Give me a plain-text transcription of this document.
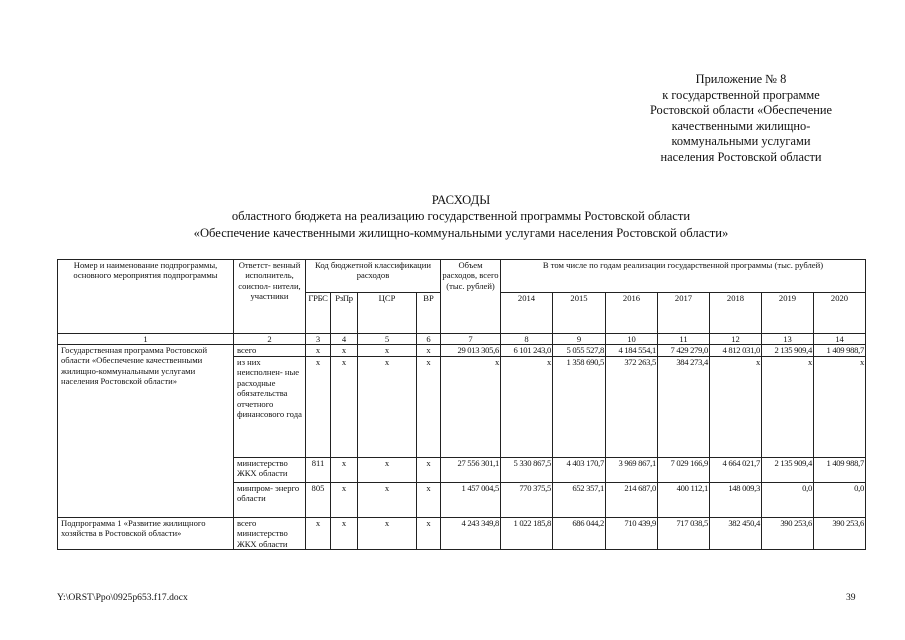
Приложение № 8
к государственной программе
Ростовской области «Обеспечение
качественными жилищно-
коммунальными услугами
населения Ростовской области
РАСХОДЫ
областного бюджета на реализацию государственной программы Ростовской области
«Обеспечение качественными жилищно-коммунальными услугами населения Ростовской области»
Номер и наименование подпрограммы, основного мероприятия подпрограммы	Ответст- венный исполнитель, соиспол- нители, участники	Код бюджетной классификации расходов				Объем расходов, всего (тыс. рублей)	В том числе по годам реализации государственной программы (тыс. рублей)						

		ГРБС	РзПр	ЦСР	ВР		2014	2015	2016	2017	2018	2019	2020
1	2	3	4	5	6	7	8	9	10	11	12	13	14
Государственная программа Ростовской области «Обеспечение качественными жилищно-коммунальными услугами населения Ростовской области»	всего	х	х	х	х	29 013 305,6	6 101 243,0	5 055 527,8	4 184 554,1	7 429 279,0	4 812 031,0	2 135 909,4	1 409 988,7
	из них неисполнен- ные расходные обязательства отчетного финансового года	х	х	х	х	х	х	1 358 690,5	372 263,5	384 273,4	х	х	х
	министерство ЖКХ области	811	х	х	х	27 556 301,1	5 330 867,5	4 403 170,7	3 969 867,1	7 029 166,9	4 664 021,7	2 135 909,4	1 409 988,7
	минпром- энерго области	805	х	х	х	1 457 004,5	770 375,5	652 357,1	214 687,0	400 112,1	148 009,3	0,0	0,0
Подпрограмма 1 «Развитие жилищного хозяйства в Ростовской области»	всего министерство ЖКХ области	х	х	х	х	4 243 349,8	1 022 185,8	686 044,2	710 439,9	717 038,5	382 450,4	390 253,6	390 253,6
Y:\ORST\Ppo\0925p653.f17.docx	39
